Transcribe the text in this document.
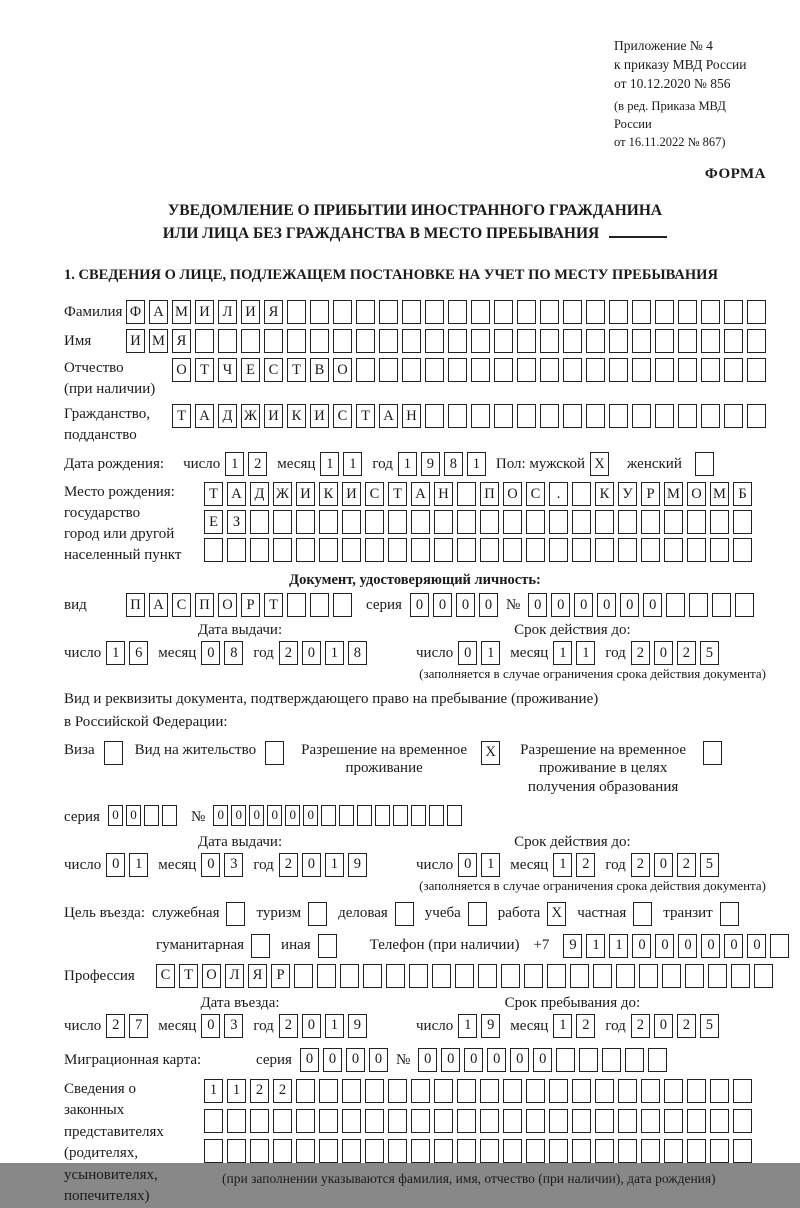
Приложение № 4
к приказу МВД России
от 10.12.2020 № 856
(в ред. Приказа МВД России
от 16.11.2022 № 867)
ФОРМА
УВЕДОМЛЕНИЕ О ПРИБЫТИИ ИНОСТРАННОГО ГРАЖДАНИНА
ИЛИ ЛИЦА БЕЗ ГРАЖДАНСТВА В МЕСТО ПРЕБЫВАНИЯ
1. СВЕДЕНИЯ О ЛИЦЕ, ПОДЛЕЖАЩЕМ ПОСТАНОВКЕ НА УЧЕТ ПО МЕСТУ ПРЕБЫВАНИЯ
Фамилия Ф А М И Л И Я
Имя	И М Я
Отчество
(при наличии)
О Т Ч Е С Т В О
Гражданство,
подданство
Т А Д Ж И К И С Т А Н
Дата рождения: число 1	2	месяц 1	1	год 1	9	8	1	Пол: мужской X женский
Место рождения:
государство
город или другой
населенный пункт
Т А Д Ж И К И С Т А Н П О С	.	К У Р М О М Б
Е	З
Документ, удостоверяющий личность:
вид	П А С П О Р	Т	серия 0	0	0	0 № 0	0	0	0	0	0
Дата выдачи:
число 1	6	месяц 0	8	год 2	0	1	8
Срок действия до:
число 0	1	месяц 1	1	год 2	0	2	5
(заполняется в случае ограничения срока действия документа)
Вид и реквизиты документа, подтверждающего право на пребывание (проживание)
в Российской Федерации:
Виза	Вид на жительство	Разрешение на временное проживание
X	Разрешение на временное проживание в целях получения образования
серия 0 0	№ 0 0 0 0 0 0
Дата выдачи:
число 0	1	месяц 0	3	год 2	0	1	9
Срок действия до:
число 0	1	месяц 1	2	год 2	0	2	5
(заполняется в случае ограничения срока действия документа)
Цель въезда: служебная туризм деловая учеба работа X частная транзит
гуманитарная иная	Телефон (при наличии) +7	9	1	1	0	0	0	0	0	0
Профессия	С Т О Л Я Р
Дата въезда:
число 2	7	месяц 0	3	год 2	0	1	9
Срок пребывания до:
число 1	9	месяц 1	2	год 2	0	2	5
Миграционная карта:	серия 0	0	0	0 № 0	0	0	0	0	0
Сведения о
законных
представителях
(родителях,
усыновителях,
попечителях)
1	1	2	2
(при заполнении указываются фамилия, имя, отчество (при наличии), дата рождения)
